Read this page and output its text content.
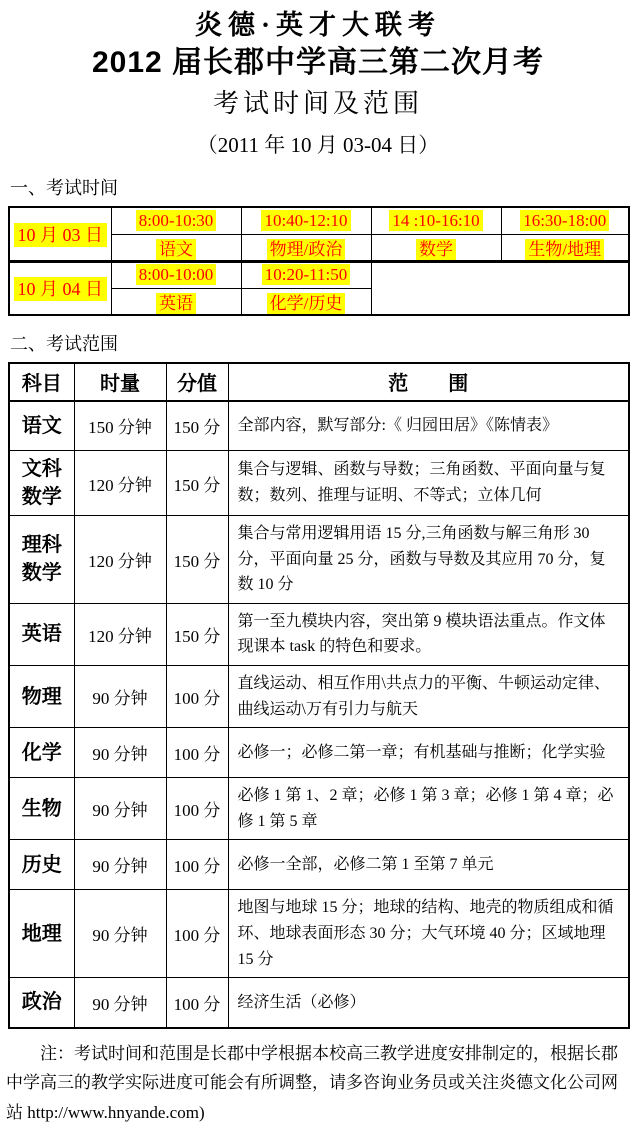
炎德·英才大联考
2012 届长郡中学高三第二次月考
考试时间及范围
（2011 年 10 月 03-04 日）
一、考试时间
10 月 03 日	8:00-10:30	10:40-12:10	14 :10-16:10	16:30-18:00
	语文	物理/政治	数学	生物/地理
10 月 04 日	8:00-10:00	10:20-11:50		
	英语	化学/历史		
二、考试范围
科目	时量	分值	范　　围
语文	150 分钟	150 分	全部内容，默写部分:《 归园田居》《陈情表》
文科数学	120 分钟	150 分	集合与逻辑、函数与导数；三角函数、平面向量与复数；数列、推理与证明、不等式；立体几何
理科数学	120 分钟	150 分	集合与常用逻辑用语 15 分,三角函数与解三角形 30 分，平面向量 25 分，函数与导数及其应用 70 分，复数 10 分
英语	120 分钟	150 分	第一至九模块内容，突出第 9 模块语法重点。作文体现课本 task 的特色和要求。
物理	90 分钟	100 分	直线运动、相互作用\共点力的平衡、牛顿运动定律、曲线运动\万有引力与航天
化学	90 分钟	100 分	必修一；必修二第一章；有机基础与推断；化学实验
生物	90 分钟	100 分	必修 1 第 1、2 章；必修 1 第 3 章；必修 1 第 4 章；必修 1 第 5 章
历史	90 分钟	100 分	必修一全部，必修二第 1 至第 7 单元
地理	90 分钟	100 分	地图与地球 15 分；地球的结构、地壳的物质组成和循环、地球表面形态 30 分；大气环境 40 分；区域地理 15 分
政治	90 分钟	100 分	经济生活（必修）

注：考试时间和范围是长郡中学根据本校高三教学进度安排制定的，根据长郡中学高三的教学实际进度可能会有所调整，请多咨询业务员或关注炎德文化公司网站 http://www.hnyande.com)
